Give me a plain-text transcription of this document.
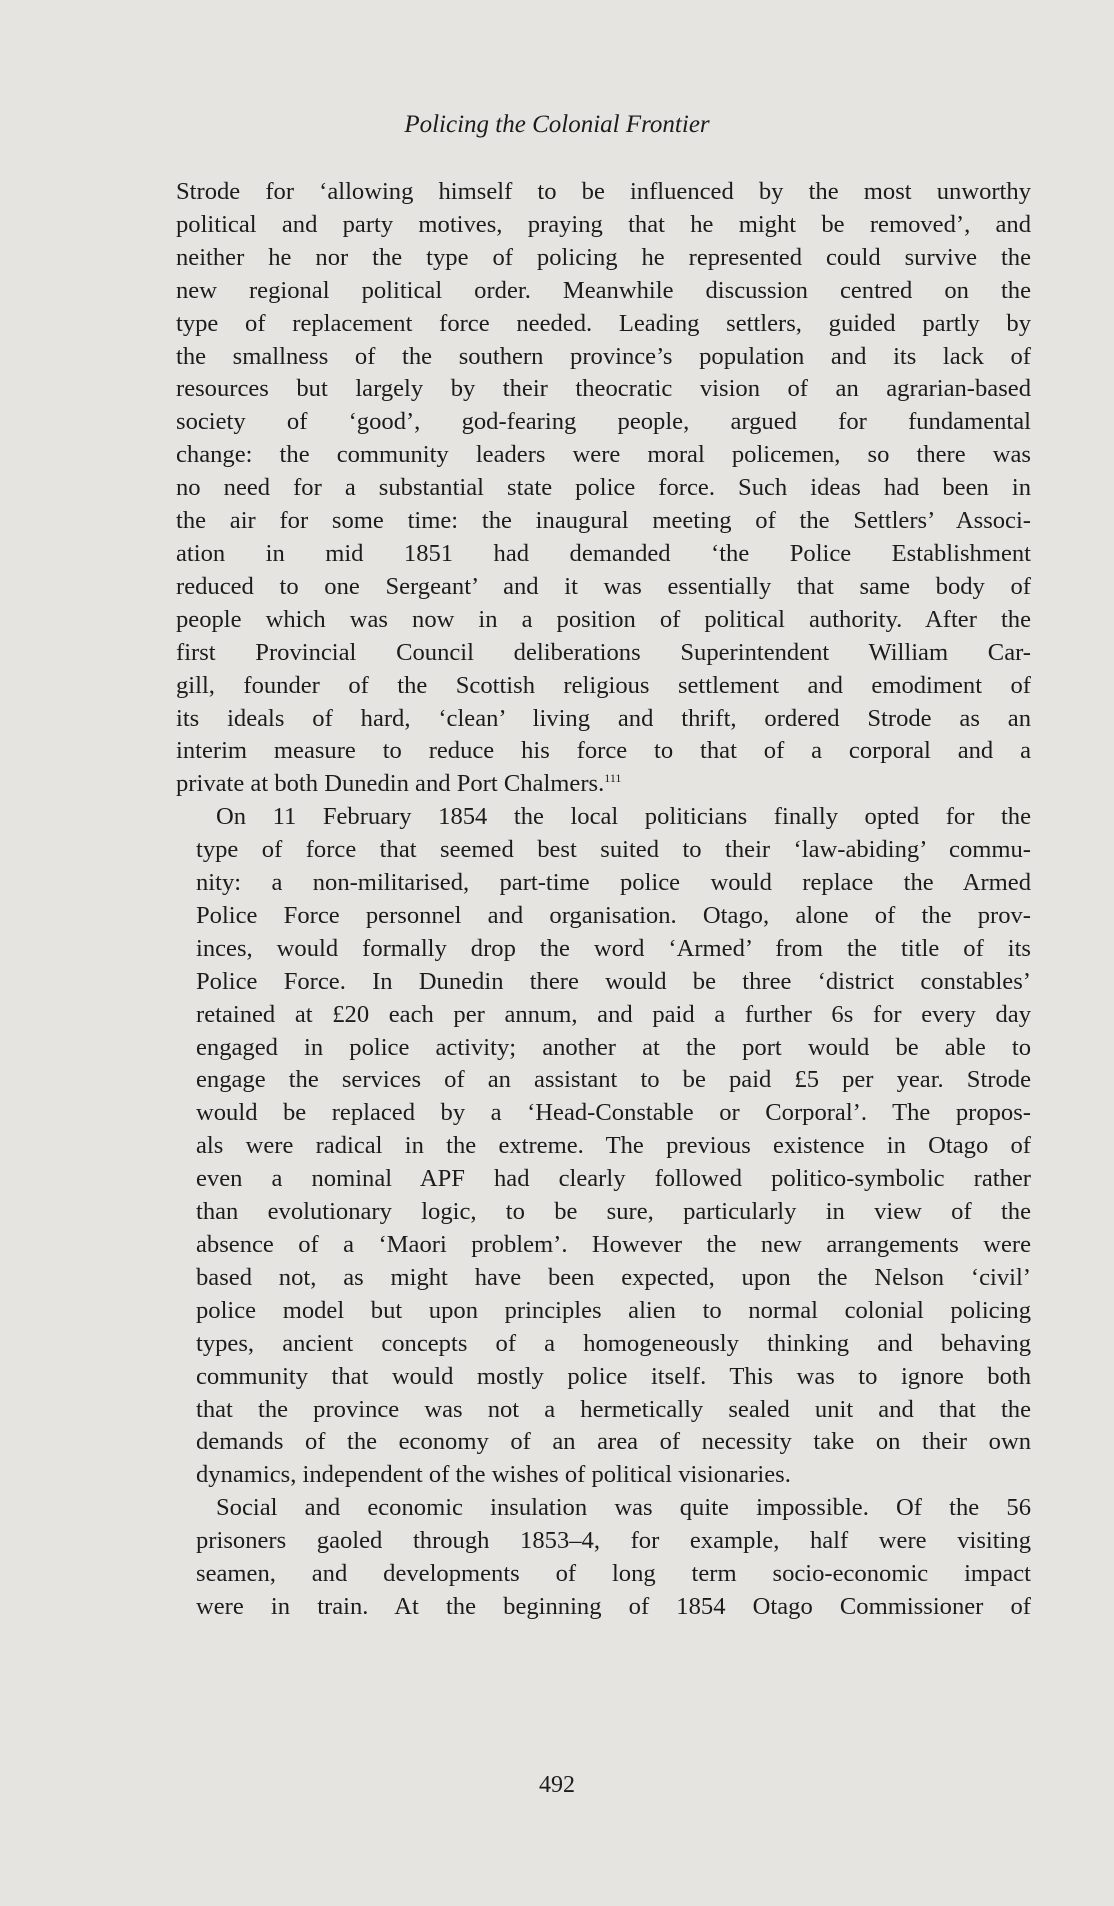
Policing the Colonial Frontier

Strode for ‘allowing himself to be influenced by the most unworthy
political and party motives, praying that he might be removed’, and
neither he nor the type of policing he represented could survive the
new regional political order. Meanwhile discussion centred on the
type of replacement force needed. Leading settlers, guided partly by
the smallness of the southern province’s population and its lack of
resources but largely by their theocratic vision of an agrarian-based
society of ‘good’, god-fearing people, argued for fundamental
change: the community leaders were moral policemen, so there was
no need for a substantial state police force. Such ideas had been in
the air for some time: the inaugural meeting of the Settlers’ Associ-
ation in mid 1851 had demanded ‘the Police Establishment
reduced to one Sergeant’ and it was essentially that same body of
people which was now in a position of political authority. After the
first Provincial Council deliberations Superintendent William Car-
gill, founder of the Scottish religious settlement and emodiment of
its ideals of hard, ‘clean’ living and thrift, ordered Strode as an
interim measure to reduce his force to that of a corporal and a
private at both Dunedin and Port Chalmers.$^{111}$

On 11 February 1854 the local politicians finally opted for the
type of force that seemed best suited to their ‘law-abiding’ commu-
nity: a non-militarised, part-time police would replace the Armed
Police Force personnel and organisation. Otago, alone of the prov-
inces, would formally drop the word ‘Armed’ from the title of its
Police Force. In Dunedin there would be three ‘district constables’
retained at £20 each per annum, and paid a further 6s for every day
engaged in police activity; another at the port would be able to
engage the services of an assistant to be paid £5 per year. Strode
would be replaced by a ‘Head-Constable or Corporal’. The propos-
als were radical in the extreme. The previous existence in Otago of
even a nominal APF had clearly followed politico-symbolic rather
than evolutionary logic, to be sure, particularly in view of the
absence of a ‘Maori problem’. However the new arrangements were
based not, as might have been expected, upon the Nelson ‘civil’
police model but upon principles alien to normal colonial policing
types, ancient concepts of a homogeneously thinking and behaving
community that would mostly police itself. This was to ignore both
that the province was not a hermetically sealed unit and that the
demands of the economy of an area of necessity take on their own
dynamics, independent of the wishes of political visionaries.

Social and economic insulation was quite impossible. Of the 56
prisoners gaoled through 1853–4, for example, half were visiting
seamen, and developments of long term socio-economic impact
were in train. At the beginning of 1854 Otago Commissioner of

492
